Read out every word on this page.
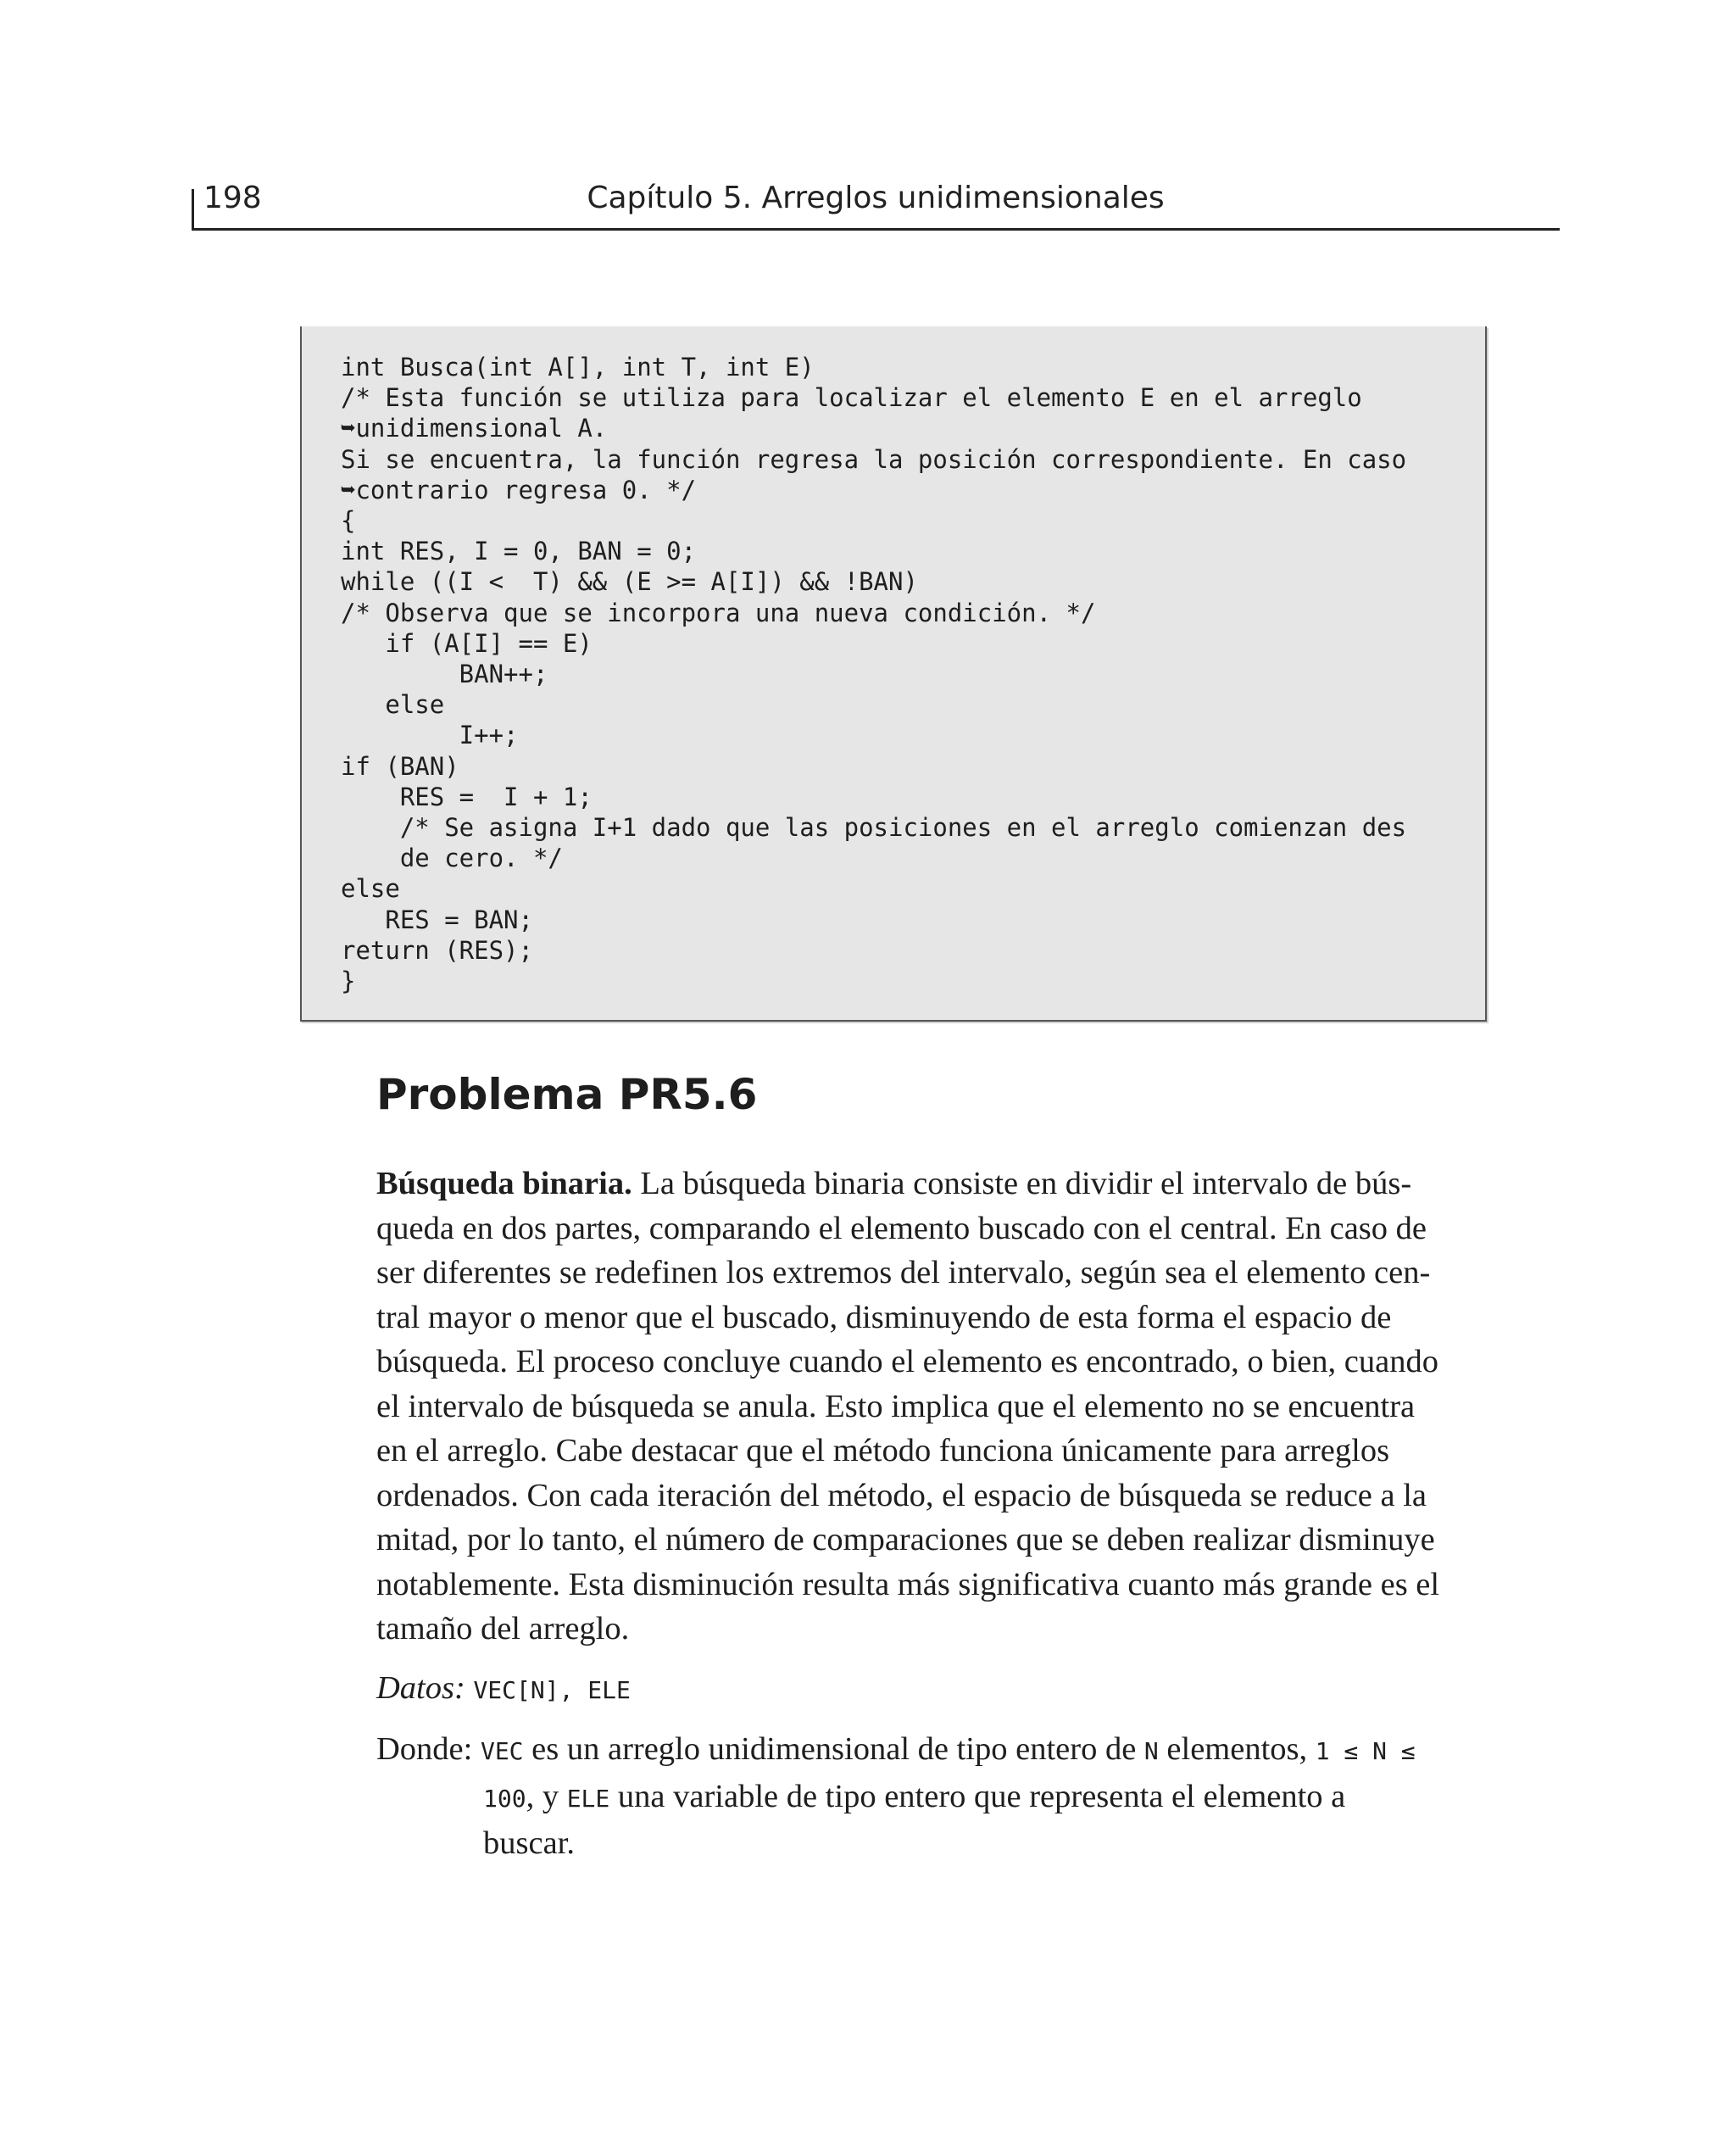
198	Capítulo 5. Arreglos unidimensionales
int Busca(int A[], int T, int E)
/* Esta función se utiliza para localizar el elemento E en el arreglo
➥unidimensional A.
Si se encuentra, la función regresa la posición correspondiente. En caso
➥contrario regresa 0. */
{
int RES, I = 0, BAN = 0;
while ((I <  T) && (E >= A[I]) && !BAN)
/* Observa que se incorpora una nueva condición. */
if (A[I] == E)
BAN++;
else
I++;
if (BAN)
RES =  I + 1;
/* Se asigna I+1 dado que las posiciones en el arreglo comienzan des
de cero. */
else
RES = BAN;
return (RES);
}
Problema PR5.6
Búsqueda binaria. La búsqueda binaria consiste en dividir el intervalo de bús-
queda en dos partes, comparando el elemento buscado con el central. En caso de
ser diferentes se redefinen los extremos del intervalo, según sea el elemento cen-
tral mayor o menor que el buscado, disminuyendo de esta forma el espacio de
búsqueda. El proceso concluye cuando el elemento es encontrado, o bien, cuando
el intervalo de búsqueda se anula. Esto implica que el elemento no se encuentra
en el arreglo. Cabe destacar que el método funciona únicamente para arreglos
ordenados. Con cada iteración del método, el espacio de búsqueda se reduce a la
mitad, por lo tanto, el número de comparaciones que se deben realizar disminuye
notablemente. Esta disminución resulta más significativa cuanto más grande es el
tamaño del arreglo.
Datos: VEC[N], ELE
Donde: VEC es un arreglo unidimensional de tipo entero de N elementos, 1 ≤ N ≤
100, y ELE una variable de tipo entero que representa el elemento a
buscar.
